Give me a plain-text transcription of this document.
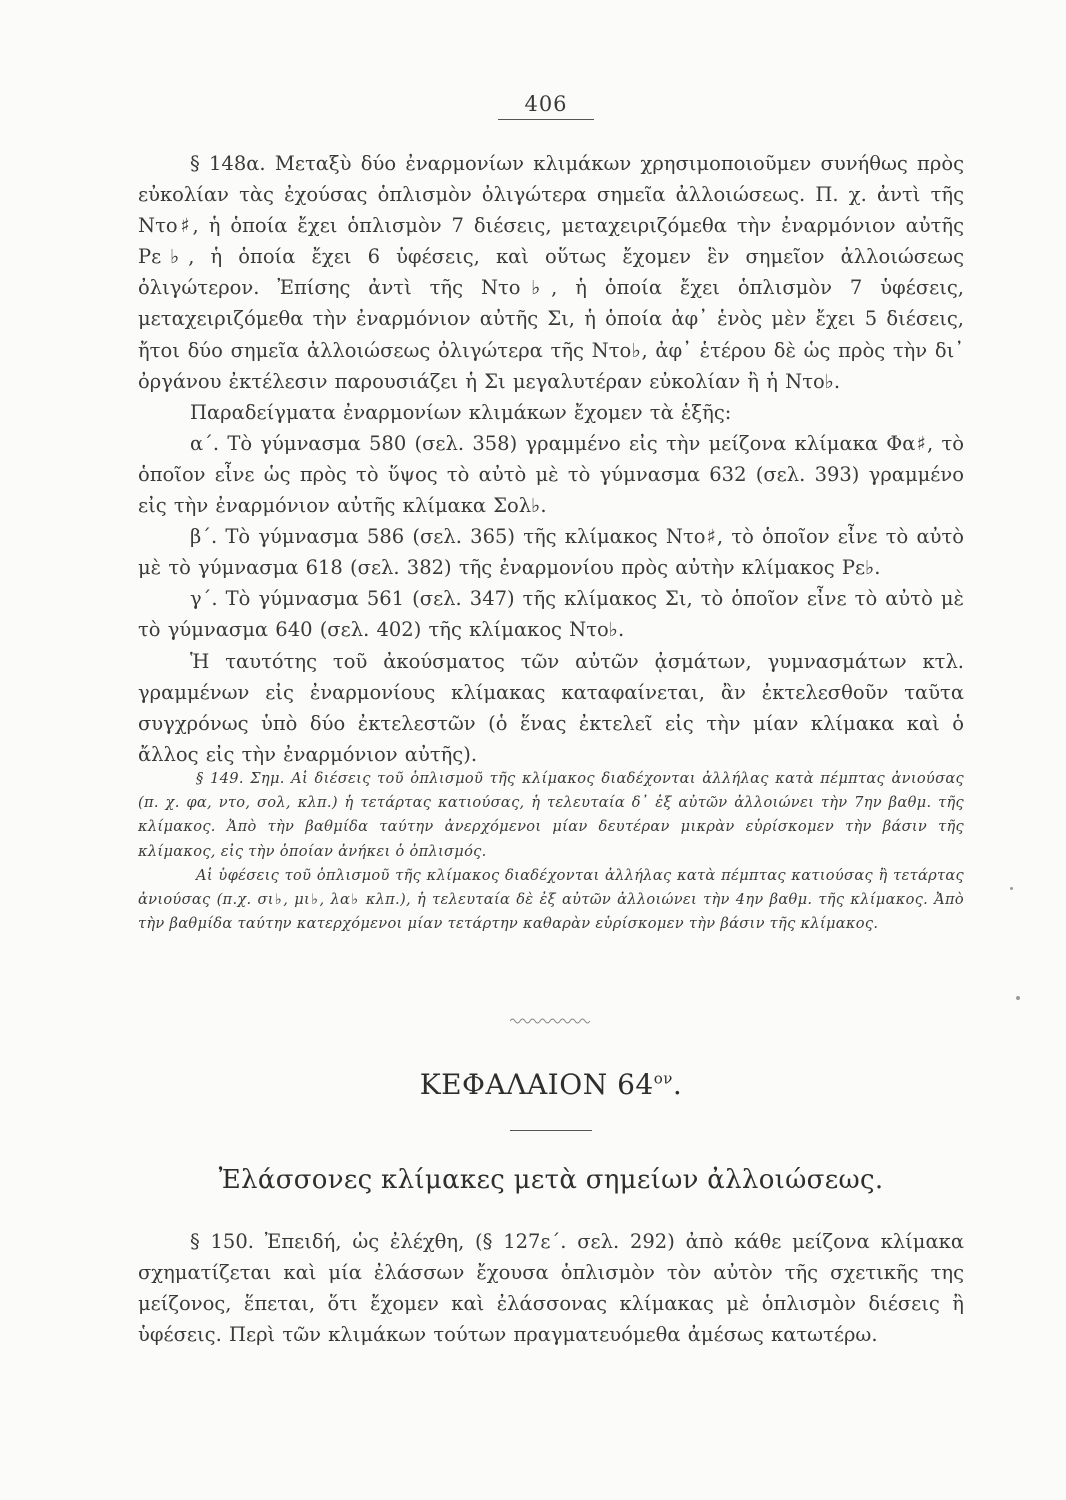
406

§ 148α. Μεταξὺ δύο ἐναρμονίων κλιμάκων χρησιμοποιοῦμεν συνήθως πρὸς εὐκολίαν τὰς ἐχούσας ὁπλισμὸν ὀλιγώτερα σημεῖα ἀλλοιώσεως. Π. χ. ἀντὶ τῆς Ντο♯, ἡ ὁποία ἔχει ὁπλισμὸν 7 διέσεις, μεταχειριζόμεθα τὴν ἐναρμόνιον αὐτῆς Ρε♭, ἡ ὁποία ἔχει 6 ὑφέσεις, καὶ οὕτως ἔχομεν ἓν σημεῖον ἀλλοιώσεως ὀλιγώτερον. Ἐπίσης ἀντὶ τῆς Ντο♭, ἡ ὁποία ἔχει ὁπλισμὸν 7 ὑφέσεις, μεταχειριζόμεθα τὴν ἐναρμόνιον αὐτῆς Σι, ἡ ὁποία ἀφ᾽ ἑνὸς μὲν ἔχει 5 διέσεις, ἤτοι δύο σημεῖα ἀλλοιώσεως ὀλιγώτερα τῆς Ντο♭, ἀφ᾽ ἑτέρου δὲ ὡς πρὸς τὴν δι᾽ ὀργάνου ἐκτέλεσιν παρουσιάζει ἡ Σι μεγαλυτέραν εὐκολίαν ἢ ἡ Ντο♭.

Παραδείγματα ἐναρμονίων κλιμάκων ἔχομεν τὰ ἑξῆς:

α΄. Τὸ γύμνασμα 580 (σελ. 358) γραμμένο εἰς τὴν μείζονα κλίμακα Φα♯, τὸ ὁποῖον εἶνε ὡς πρὸς τὸ ὕψος τὸ αὐτὸ μὲ τὸ γύμνασμα 632 (σελ. 393) γραμμένο εἰς τὴν ἐναρμόνιον αὐτῆς κλίμακα Σολ♭.

β΄. Τὸ γύμνασμα 586 (σελ. 365) τῆς κλίμακος Ντο♯, τὸ ὁποῖον εἶνε τὸ αὐτὸ μὲ τὸ γύμνασμα 618 (σελ. 382) τῆς ἐναρμονίου πρὸς αὐτὴν κλίμακος Ρε♭.

γ΄. Τὸ γύμνασμα 561 (σελ. 347) τῆς κλίμακος Σι, τὸ ὁποῖον εἶνε τὸ αὐτὸ μὲ τὸ γύμνασμα 640 (σελ. 402) τῆς κλίμακος Ντο♭.

Ἡ ταυτότης τοῦ ἀκούσματος τῶν αὐτῶν ᾀσμάτων, γυμνασμάτων κτλ. γραμμένων εἰς ἐναρμονίους κλίμακας καταφαίνεται, ἂν ἐκτελεσθοῦν ταῦτα συγχρόνως ὑπὸ δύο ἐκτελεστῶν (ὁ ἕνας ἐκτελεῖ εἰς τὴν μίαν κλίμακα καὶ ὁ ἄλλος εἰς τὴν ἐναρμόνιον αὐτῆς).

§ 149. Σημ. Αἱ διέσεις τοῦ ὁπλισμοῦ τῆς κλίμακος διαδέχονται ἀλλήλας κατὰ πέμπτας ἀνιούσας (π. χ. φα, ντο, σολ, κλπ.) ἡ τετάρτας κατιούσας, ἡ τελευταία δ᾽ ἐξ αὐτῶν ἀλλοιώνει τὴν 7ην βαθμ. τῆς κλίμακος. Ἀπὸ τὴν βαθμίδα ταύτην ἀνερχόμενοι μίαν δευτέραν μικρὰν εὑρίσκομεν τὴν βάσιν τῆς κλίμακος, εἰς τὴν ὁποίαν ἀνήκει ὁ ὁπλισμός.

Αἱ ὑφέσεις τοῦ ὁπλισμοῦ τῆς κλίμακος διαδέχονται ἀλλήλας κατὰ πέμπτας κατιούσας ἢ τετάρτας ἀνιούσας (π.χ. σι♭, μι♭, λα♭ κλπ.), ἡ τελευταία δὲ ἐξ αὐτῶν ἀλλοιώνει τὴν 4ην βαθμ. τῆς κλίμακος. Ἀπὸ τὴν βαθμίδα ταύτην κατερχόμενοι μίαν τετάρτην καθαρὰν εὑρίσκομεν τὴν βάσιν τῆς κλίμακος.

ΚΕΦΑΛΑΙΟΝ $64^{o\nu}$.
Ἐλάσσονες κλίμακες μετὰ σημείων ἀλλοιώσεως.

§ 150. Ἐπειδή, ὡς ἐλέχθη, (§ 127ε΄. σελ. 292) ἀπὸ κάθε μείζονα κλίμακα σχηματίζεται καὶ μία ἐλάσσων ἔχουσα ὁπλισμὸν τὸν αὐτὸν τῆς σχετικῆς της μείζονος, ἕπεται, ὅτι ἔχομεν καὶ ἐλάσσονας κλίμακας μὲ ὁπλισμὸν διέσεις ἢ ὑφέσεις. Περὶ τῶν κλιμάκων τούτων πραγματευόμεθα ἀμέσως κατωτέρω.
